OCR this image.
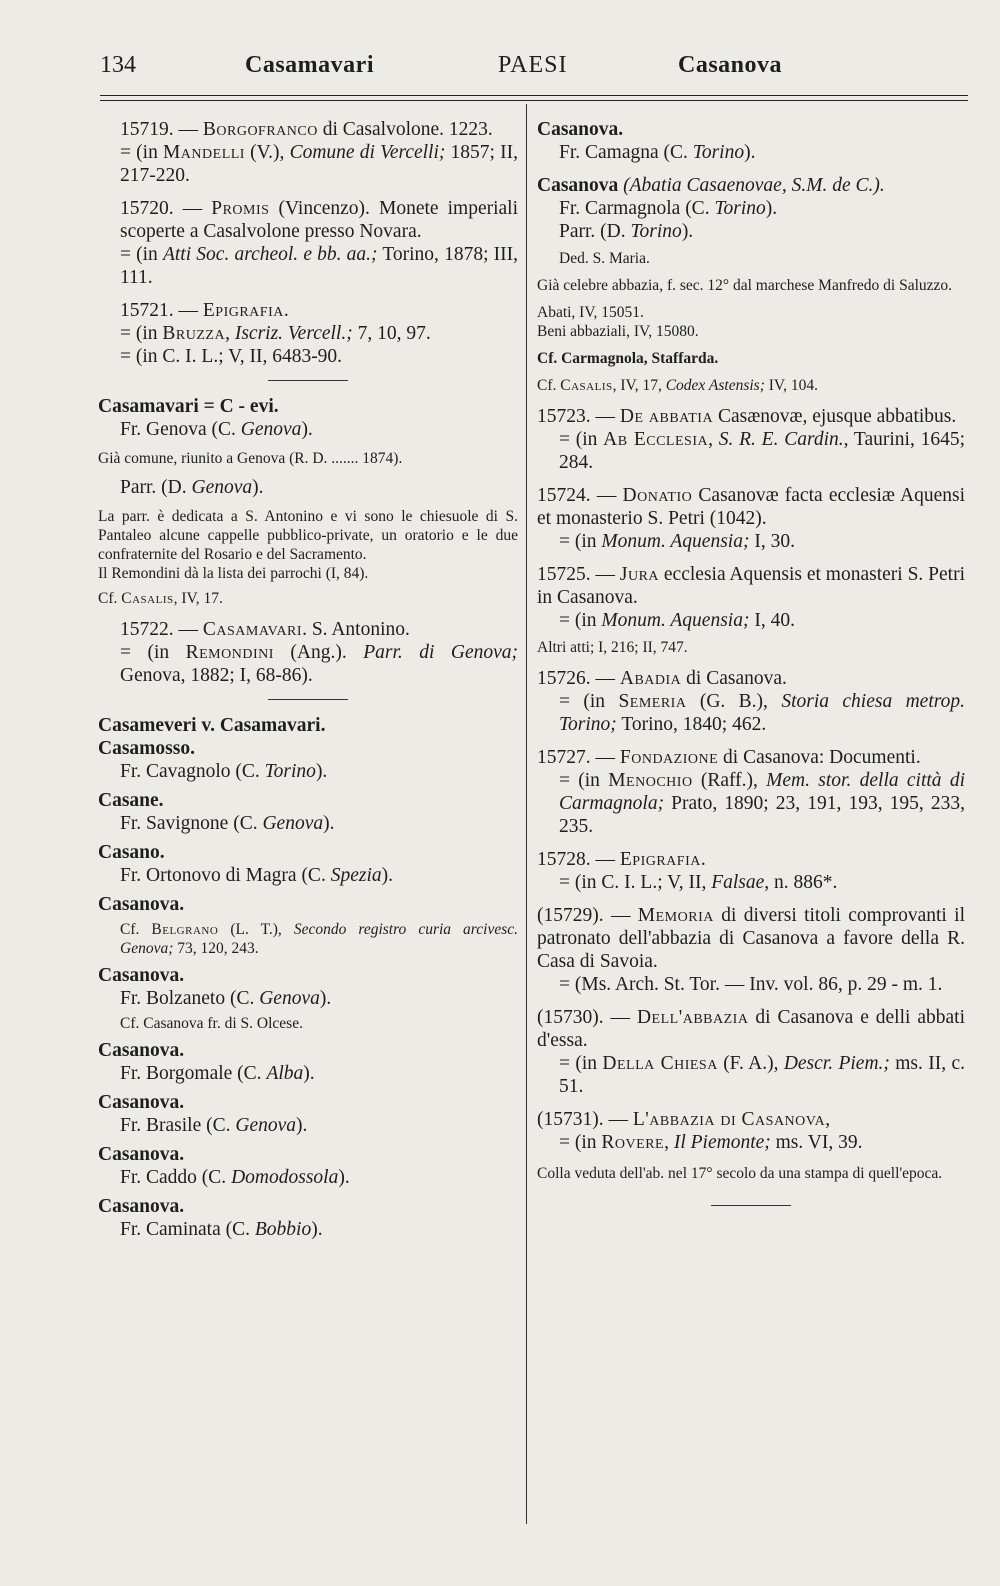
134	Casamavari	PAESI	Casanova
15719. — Borgofranco di Casalvolone. 1223.
= (in Mandelli (V.), Comune di Vercelli; 1857; II, 217-220.
15720. — Promis (Vincenzo). Monete imperiali scoperte a Casalvolone presso Novara.
= (in Atti Soc. archeol. e bb. aa.; Torino, 1878; III, 111.
15721. — Epigrafia.
= (in Bruzza, Iscriz. Vercell.; 7, 10, 97.
= (in C. I. L.; V, II, 6483-90.
Casamavari = C - evi.
Fr. Genova (C. Genova).
Già comune, riunito a Genova (R. D. ....... 1874).
Parr. (D. Genova).
La parr. è dedicata a S. Antonino e vi sono le chiesuole di S. Pantaleo alcune cappelle pubblico-private, un oratorio e le due confraternite del Rosario e del Sacramento.
Il Remondini dà la lista dei parrochi (I, 84).
Cf. Casalis, IV, 17.
15722. — Casamavari. S. Antonino.
= (in Remondini (Ang.). Parr. di Genova; Genova, 1882; I, 68-86).
Casameveri v. Casamavari.
Casamosso.
Fr. Cavagnolo (C. Torino).
Casane.
Fr. Savignone (C. Genova).
Casano.
Fr. Ortonovo di Magra (C. Spezia).
Casanova.
Cf. Belgrano (L. T.), Secondo registro curia arcivesc. Genova; 73, 120, 243.
Casanova.
Fr. Bolzaneto (C. Genova).
Cf. Casanova fr. di S. Olcese.
Casanova.
Fr. Borgomale (C. Alba).
Casanova.
Fr. Brasile (C. Genova).
Casanova.
Fr. Caddo (C. Domodossola).
Casanova.
Fr. Caminata (C. Bobbio).
Casanova.
Fr. Camagna (C. Torino).
Casanova (Abatia Casaenovae, S.M. de C.).
Fr. Carmagnola (C. Torino).
Parr. (D. Torino).
Ded. S. Maria.
Già celebre abbazia, f. sec. 12° dal marchese Manfredo di Saluzzo.
Abati, IV, 15051.
Beni abbaziali, IV, 15080.
Cf. Carmagnola, Staffarda.
Cf. Casalis, IV, 17, Codex Astensis; IV, 104.
15723. — De abbatia Casænovæ, ejusque abbatibus.
= (in Ab Ecclesia, S. R. E. Cardin., Taurini, 1645; 284.
15724. — Donatio Casanovæ facta ecclesiæ Aquensi et monasterio S. Petri (1042).
= (in Monum. Aquensia; I, 30.
15725. — Jura ecclesia Aquensis et monasteri S. Petri in Casanova.
= (in Monum. Aquensia; I, 40.
Altri atti; I, 216; II, 747.
15726. — Abadia di Casanova.
= (in Semeria (G. B.), Storia chiesa metrop. Torino; Torino, 1840; 462.
15727. — Fondazione di Casanova: Documenti.
= (in Menochio (Raff.), Mem. stor. della città di Carmagnola; Prato, 1890; 23, 191, 193, 195, 233, 235.
15728. — Epigrafia.
= (in C. I. L.; V, II, Falsae, n. 886*.
(15729). — Memoria di diversi titoli comprovanti il patronato dell'abbazia di Casanova a favore della R. Casa di Savoia.
= (Ms. Arch. St. Tor. — Inv. vol. 86, p. 29 - m. 1.
(15730). — Dell'abbazia di Casanova e delli abbati d'essa.
= (in Della Chiesa (F. A.), Descr. Piem.; ms. II, c. 51.
(15731). — L'abbazia di Casanova,
= (in Rovere, Il Piemonte; ms. VI, 39.
Colla veduta dell'ab. nel 17° secolo da una stampa di quell'epoca.
